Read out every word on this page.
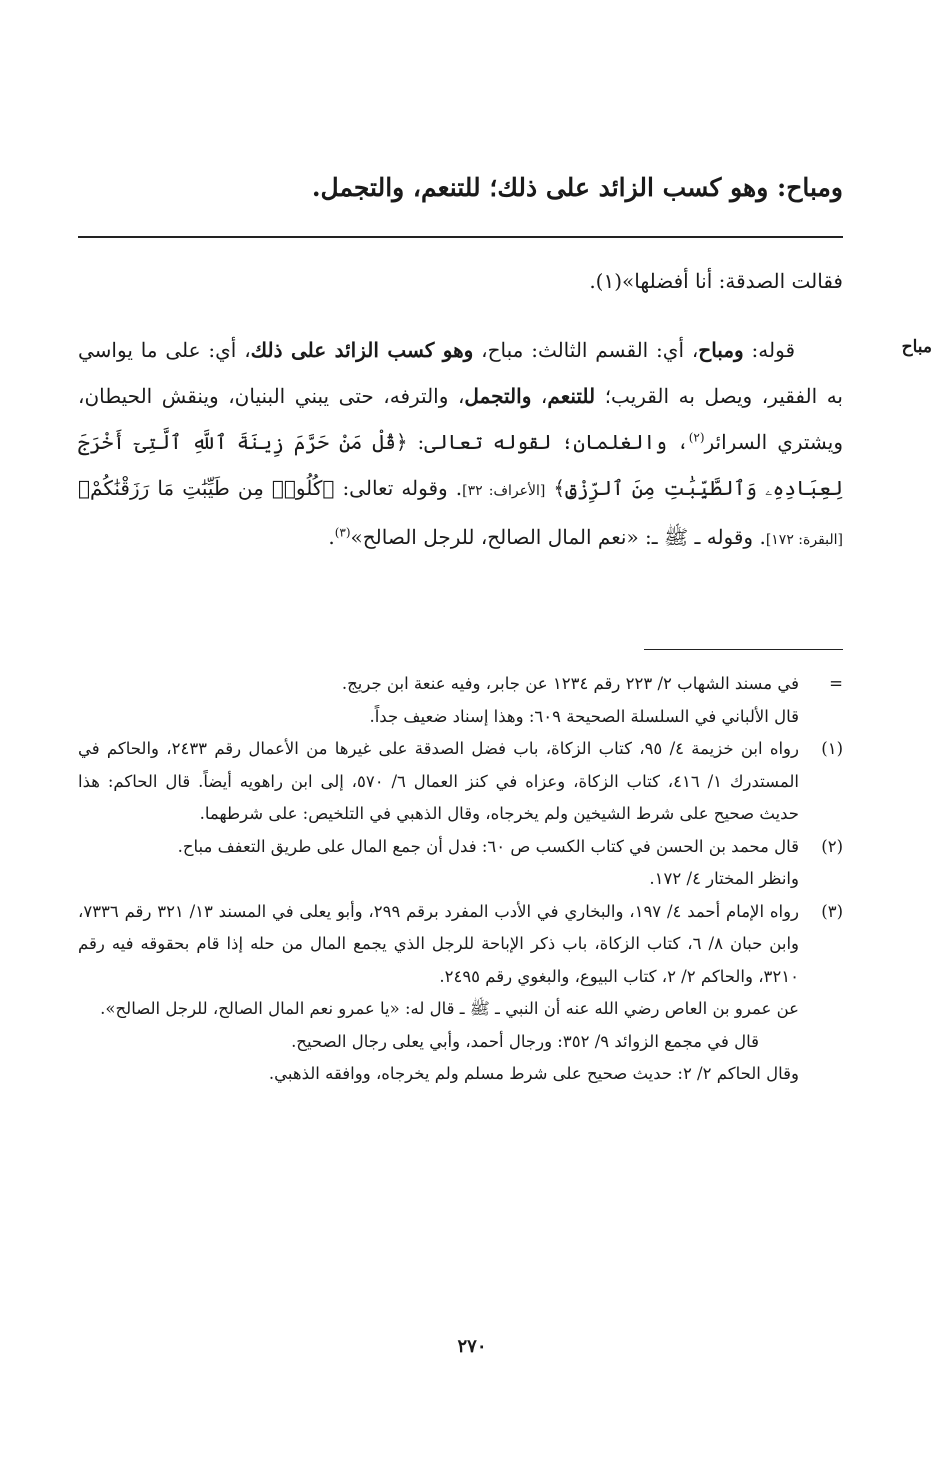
ومباح: وهو كسب الزائد على ذلك؛ للتنعم، والتجمل.
فقالت الصدقة: أنا أفضلها»(١).
مباح
قوله: ومباح، أي: القسم الثالث: مباح، وهو كسب الزائد على ذلك، أي: على ما يواسي به الفقير، ويصل به القريب؛ للتنعم، والتجمل، والترفه، حتى يبني البنيان، وينقش الحيطان، ويشتري السرائر$^{(٢)}$، والغلمان؛ لقوله تعالى: ﴿قُلْ مَنْ حَرَّمَ زِينَةَ ٱللَّهِ ٱلَّتِىٓ أَخْرَجَ لِعِبَادِهِۦ وَٱلطَّيِّبَٰتِ مِنَ ٱلرِّزْقِ﴾ [الأعراف: ٣٢]. وقوله تعالى: ﴿كُلُوا۟ مِن طَيِّبَٰتِ مَا رَزَقْنَٰكُمْ﴾ [البقرة: ١٧٢]. وقوله ـ ﷺ ـ: «نعم المال الصالح، للرجل الصالح»$^{(٣)}$.
=
في مسند الشهاب ٢/ ٢٢٣ رقم ١٢٣٤ عن جابر، وفيه عنعة ابن جريج.
قال الألباني في السلسلة الصحيحة ٦٠٩: وهذا إسناد ضعيف جداً.
(١)
رواه ابن خزيمة ٤/ ٩٥، كتاب الزكاة، باب فضل الصدقة على غيرها من الأعمال رقم ٢٤٣٣، والحاكم في المستدرك ١/ ٤١٦، كتاب الزكاة، وعزاه في كنز العمال ٦/ ٥٧٠، إلى ابن راهويه أيضاً. قال الحاكم: هذا حديث صحيح على شرط الشيخين ولم يخرجاه، وقال الذهبي في التلخيص: على شرطهما.
(٢)
قال محمد بن الحسن في كتاب الكسب ص ٦٠: فدل أن جمع المال على طريق التعفف مباح.
وانظر المختار ٤/ ١٧٢.
(٣)
رواه الإمام أحمد ٤/ ١٩٧، والبخاري في الأدب المفرد برقم ٢٩٩، وأبو يعلى في المسند ١٣/ ٣٢١ رقم ٧٣٣٦، وابن حبان ٨/ ٦، كتاب الزكاة، باب ذكر الإباحة للرجل الذي يجمع المال من حله إذا قام بحقوقه فيه رقم ٣٢١٠، والحاكم ٢/ ٢، كتاب البيوع، والبغوي رقم ٢٤٩٥.
عن عمرو بن العاص رضي الله عنه أن النبي ـ ﷺ ـ قال له: «يا عمرو نعم المال الصالح، للرجل الصالح».
قال في مجمع الزوائد ٩/ ٣٥٢: ورجال أحمد، وأبي يعلى رجال الصحيح.
وقال الحاكم ٢/ ٢: حديث صحيح على شرط مسلم ولم يخرجاه، ووافقه الذهبي.
٢٧٠
